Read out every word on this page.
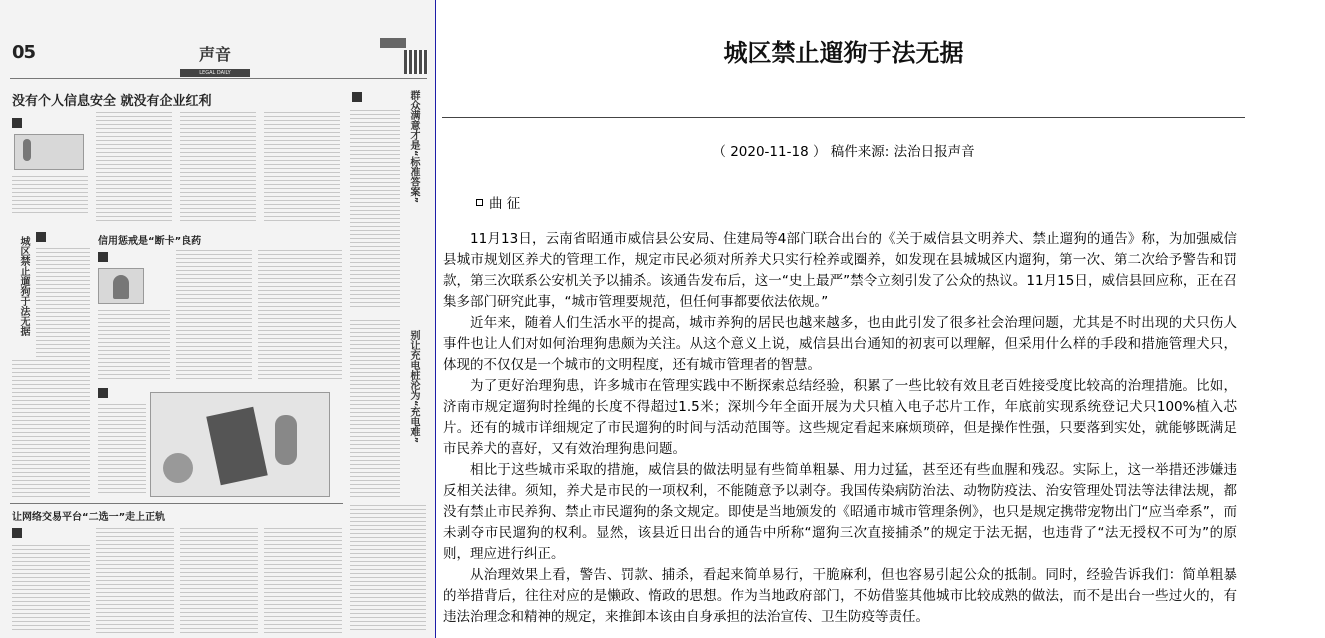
05	声音
LEGAL DAILY
没有个人信息安全 就没有企业红利	群众满意才是“标准答案”
别让充电桩沦为“充电难”
城区禁止遛狗于法无据	信用惩戒是“断卡”良药
让网络交易平台“二选一”走上正轨
城区禁止遛狗于法无据
（ 2020-11-18 ） 稿件来源: 法治日报声音
曲 征

11月13日，云南省昭通市威信县公安局、住建局等4部门联合出台的《关于威信县文明养犬、禁止遛狗的通告》称，为加强威信县城市规划区养犬的管理工作，规定市民必须对所养犬只实行栓养或圈养，如发现在县城城区内遛狗，第一次、第二次给予警告和罚款，第三次联系公安机关予以捕杀。该通告发布后，这一“史上最严”禁令立刻引发了公众的热议。11月15日，威信县回应称，正在召集多部门研究此事，“城市管理要规范，但任何事都要依法依规。”

近年来，随着人们生活水平的提高，城市养狗的居民也越来越多，也由此引发了很多社会治理问题，尤其是不时出现的犬只伤人事件也让人们对如何治理狗患颇为关注。从这个意义上说，威信县出台通知的初衷可以理解，但采用什么样的手段和措施管理犬只，体现的不仅仅是一个城市的文明程度，还有城市管理者的智慧。

为了更好治理狗患，许多城市在管理实践中不断探索总结经验，积累了一些比较有效且老百姓接受度比较高的治理措施。比如，济南市规定遛狗时拴绳的长度不得超过1.5米；深圳今年全面开展为犬只植入电子芯片工作，年底前实现系统登记犬只100%植入芯片。还有的城市详细规定了市民遛狗的时间与活动范围等。这些规定看起来麻烦琐碎，但是操作性强，只要落到实处，就能够既满足市民养犬的喜好，又有效治理狗患问题。

相比于这些城市采取的措施，威信县的做法明显有些简单粗暴、用力过猛，甚至还有些血腥和残忍。实际上，这一举措还涉嫌违反相关法律。须知，养犬是市民的一项权利，不能随意予以剥夺。我国传染病防治法、动物防疫法、治安管理处罚法等法律法规，都没有禁止市民养狗、禁止市民遛狗的条文规定。即使是当地颁发的《昭通市城市管理条例》，也只是规定携带宠物出门“应当牵系”，而未剥夺市民遛狗的权利。显然，该县近日出台的通告中所称“遛狗三次直接捕杀”的规定于法无据，也违背了“法无授权不可为”的原则，理应进行纠正。

从治理效果上看，警告、罚款、捕杀，看起来简单易行，干脆麻利，但也容易引起公众的抵制。同时，经验告诉我们：简单粗暴的举措背后，往往对应的是懒政、惰政的思想。作为当地政府部门，不妨借鉴其他城市比较成熟的做法，而不是出台一些过火的，有违法治理念和精神的规定，来推卸本该由自身承担的法治宣传、卫生防疫等责任。
